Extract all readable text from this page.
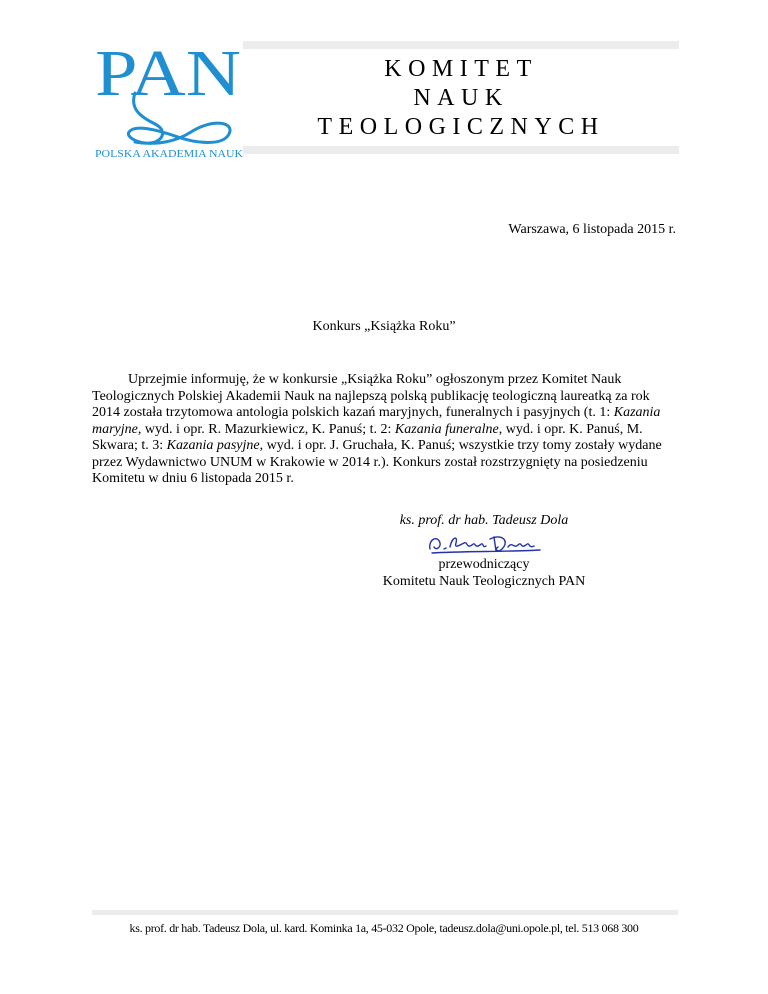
PAN
POLSKA AKADEMIA NAUK
KOMITET
NAUK
TEOLOGICZNYCH
Warszawa, 6 listopada 2015 r.
Konkurs „Książka Roku”

Uprzejmie informuję, że w konkursie „Książka Roku” ogłoszonym przez Komitet Nauk Teologicznych Polskiej Akademii Nauk na najlepszą polską publikację teologiczną laureatką za rok 2014 została trzytomowa antologia polskich kazań maryjnych, funeralnych i pasyjnych (t. 1: Kazania maryjne, wyd. i opr. R. Mazurkiewicz, K. Panuś; t. 2: Kazania funeralne, wyd. i opr. K. Panuś, M. Skwara; t. 3: Kazania pasyjne, wyd. i opr. J. Gruchała, K. Panuś; wszystkie trzy tomy zostały wydane przez Wydawnictwo UNUM w Krakowie w 2014 r.). Konkurs został rozstrzygnięty na posiedzeniu Komitetu w dniu 6 listopada 2015 r.

ks. prof. dr hab. Tadeusz Dola
przewodniczący
Komitetu Nauk Teologicznych PAN
ks. prof. dr hab. Tadeusz Dola, ul. kard. Kominka 1a, 45-032 Opole, tadeusz.dola@uni.opole.pl, tel. 513 068 300
